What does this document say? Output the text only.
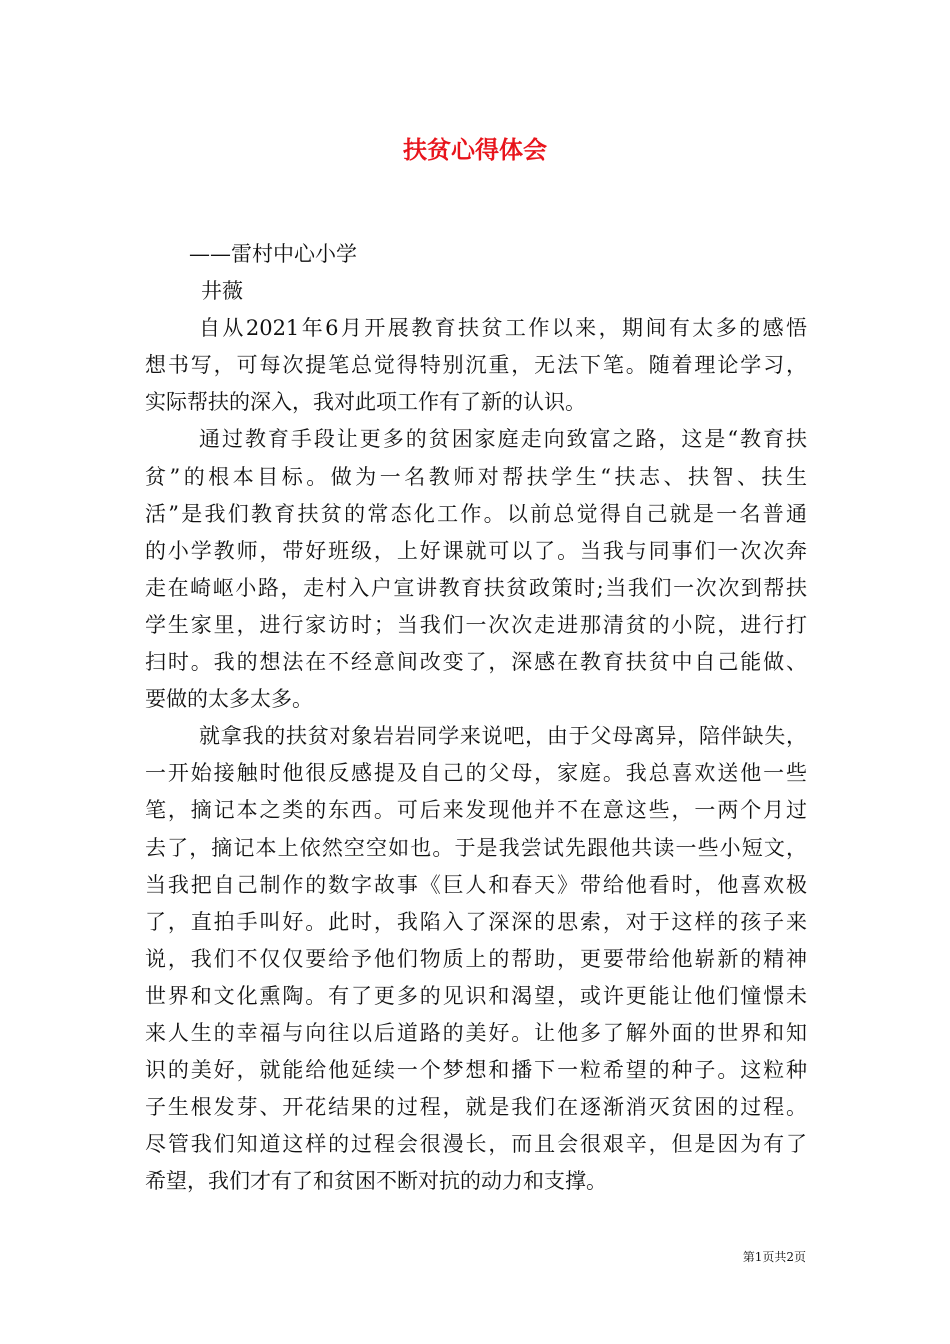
扶贫心得体会
——雷村中心小学
井薇
自从2021年6月开展教育扶贫工作以来，期间有太多的感悟
想书写，可每次提笔总觉得特别沉重，无法下笔。随着理论学习，
实际帮扶的深入，我对此项工作有了新的认识。
通过教育手段让更多的贫困家庭走向致富之路，这是“教育扶
贫”的根本目标。做为一名教师对帮扶学生“扶志、扶智、扶生
活”是我们教育扶贫的常态化工作。以前总觉得自己就是一名普通
的小学教师，带好班级，上好课就可以了。当我与同事们一次次奔
走在崎岖小路，走村入户宣讲教育扶贫政策时;当我们一次次到帮扶
学生家里，进行家访时；当我们一次次走进那清贫的小院，进行打
扫时。我的想法在不经意间改变了，深感在教育扶贫中自己能做、
要做的太多太多。
就拿我的扶贫对象岩岩同学来说吧，由于父母离异，陪伴缺失，
一开始接触时他很反感提及自己的父母，家庭。我总喜欢送他一些
笔，摘记本之类的东西。可后来发现他并不在意这些，一两个月过
去了，摘记本上依然空空如也。于是我尝试先跟他共读一些小短文，
当我把自己制作的数字故事《巨人和春天》带给他看时，他喜欢极
了，直拍手叫好。此时，我陷入了深深的思索，对于这样的孩子来
说，我们不仅仅要给予他们物质上的帮助，更要带给他崭新的精神
世界和文化熏陶。有了更多的见识和渴望，或许更能让他们憧憬未
来人生的幸福与向往以后道路的美好。让他多了解外面的世界和知
识的美好，就能给他延续一个梦想和播下一粒希望的种子。这粒种
子生根发芽、开花结果的过程，就是我们在逐渐消灭贫困的过程。
尽管我们知道这样的过程会很漫长，而且会很艰辛，但是因为有了
希望，我们才有了和贫困不断对抗的动力和支撑。
第1页共2页
